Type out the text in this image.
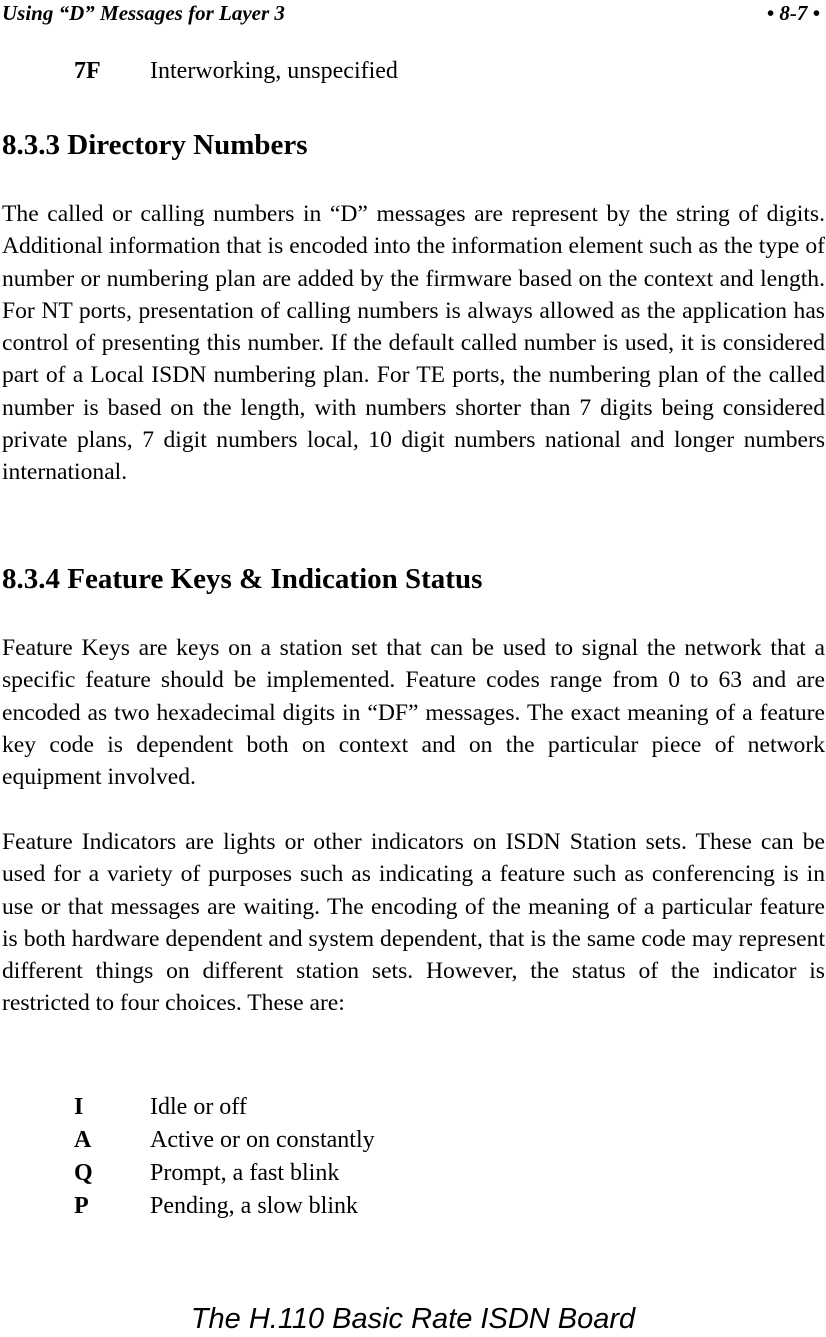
Using “D” Messages for Layer 3	• 8-7 •
7F Interworking, unspecified
8.3.3 Directory Numbers

The called or calling numbers in “D” messages are represent by the string of digits. Additional information that is encoded into the information element such as the type of number or numbering plan are added by the firmware based on the context and length. For NT ports, presentation of calling numbers is always allowed as the application has control of presenting this number. If the default called number is used, it is considered part of a Local ISDN numbering plan. For TE ports, the numbering plan of the called number is based on the length, with numbers shorter than 7 digits being considered private plans, 7 digit numbers local, 10 digit numbers national and longer numbers international.

8.3.4 Feature Keys & Indication Status

Feature Keys are keys on a station set that can be used to signal the network that a specific feature should be implemented. Feature codes range from 0 to 63 and are encoded as two hexadecimal digits in “DF” messages. The exact meaning of a feature key code is dependent both on context and on the particular piece of network equipment involved.

Feature Indicators are lights or other indicators on ISDN Station sets. These can be used for a variety of purposes such as indicating a feature such as conferencing is in use or that messages are waiting. The encoding of the meaning of a particular feature is both hardware dependent and system dependent, that is the same code may represent different things on different station sets. However, the status of the indicator is restricted to four choices. These are:

I	Idle or off
A Active or on constantly
Q Prompt, a fast blink
P	Pending, a slow blink
The H.110 Basic Rate ISDN Board
